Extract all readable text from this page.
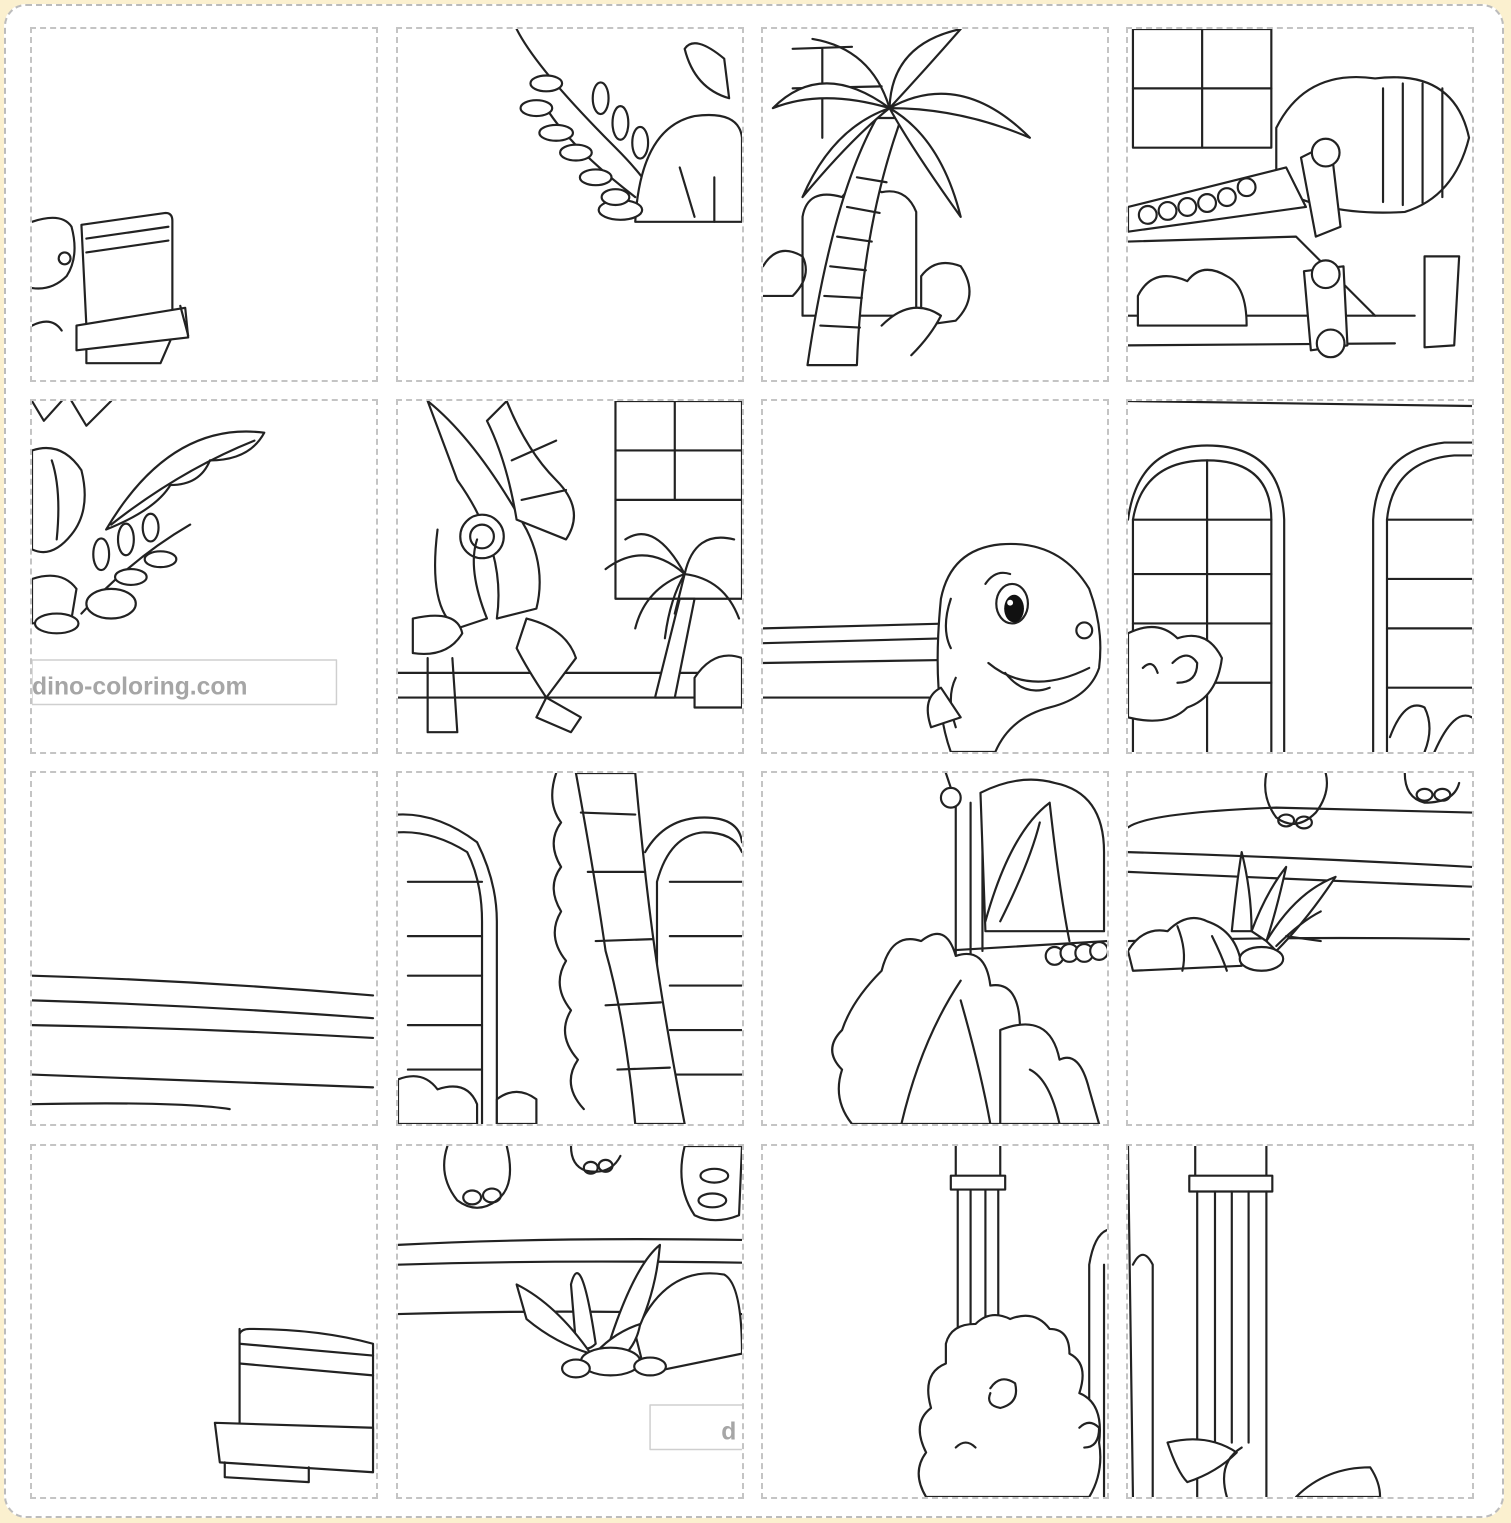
dino-coloring.com
d
